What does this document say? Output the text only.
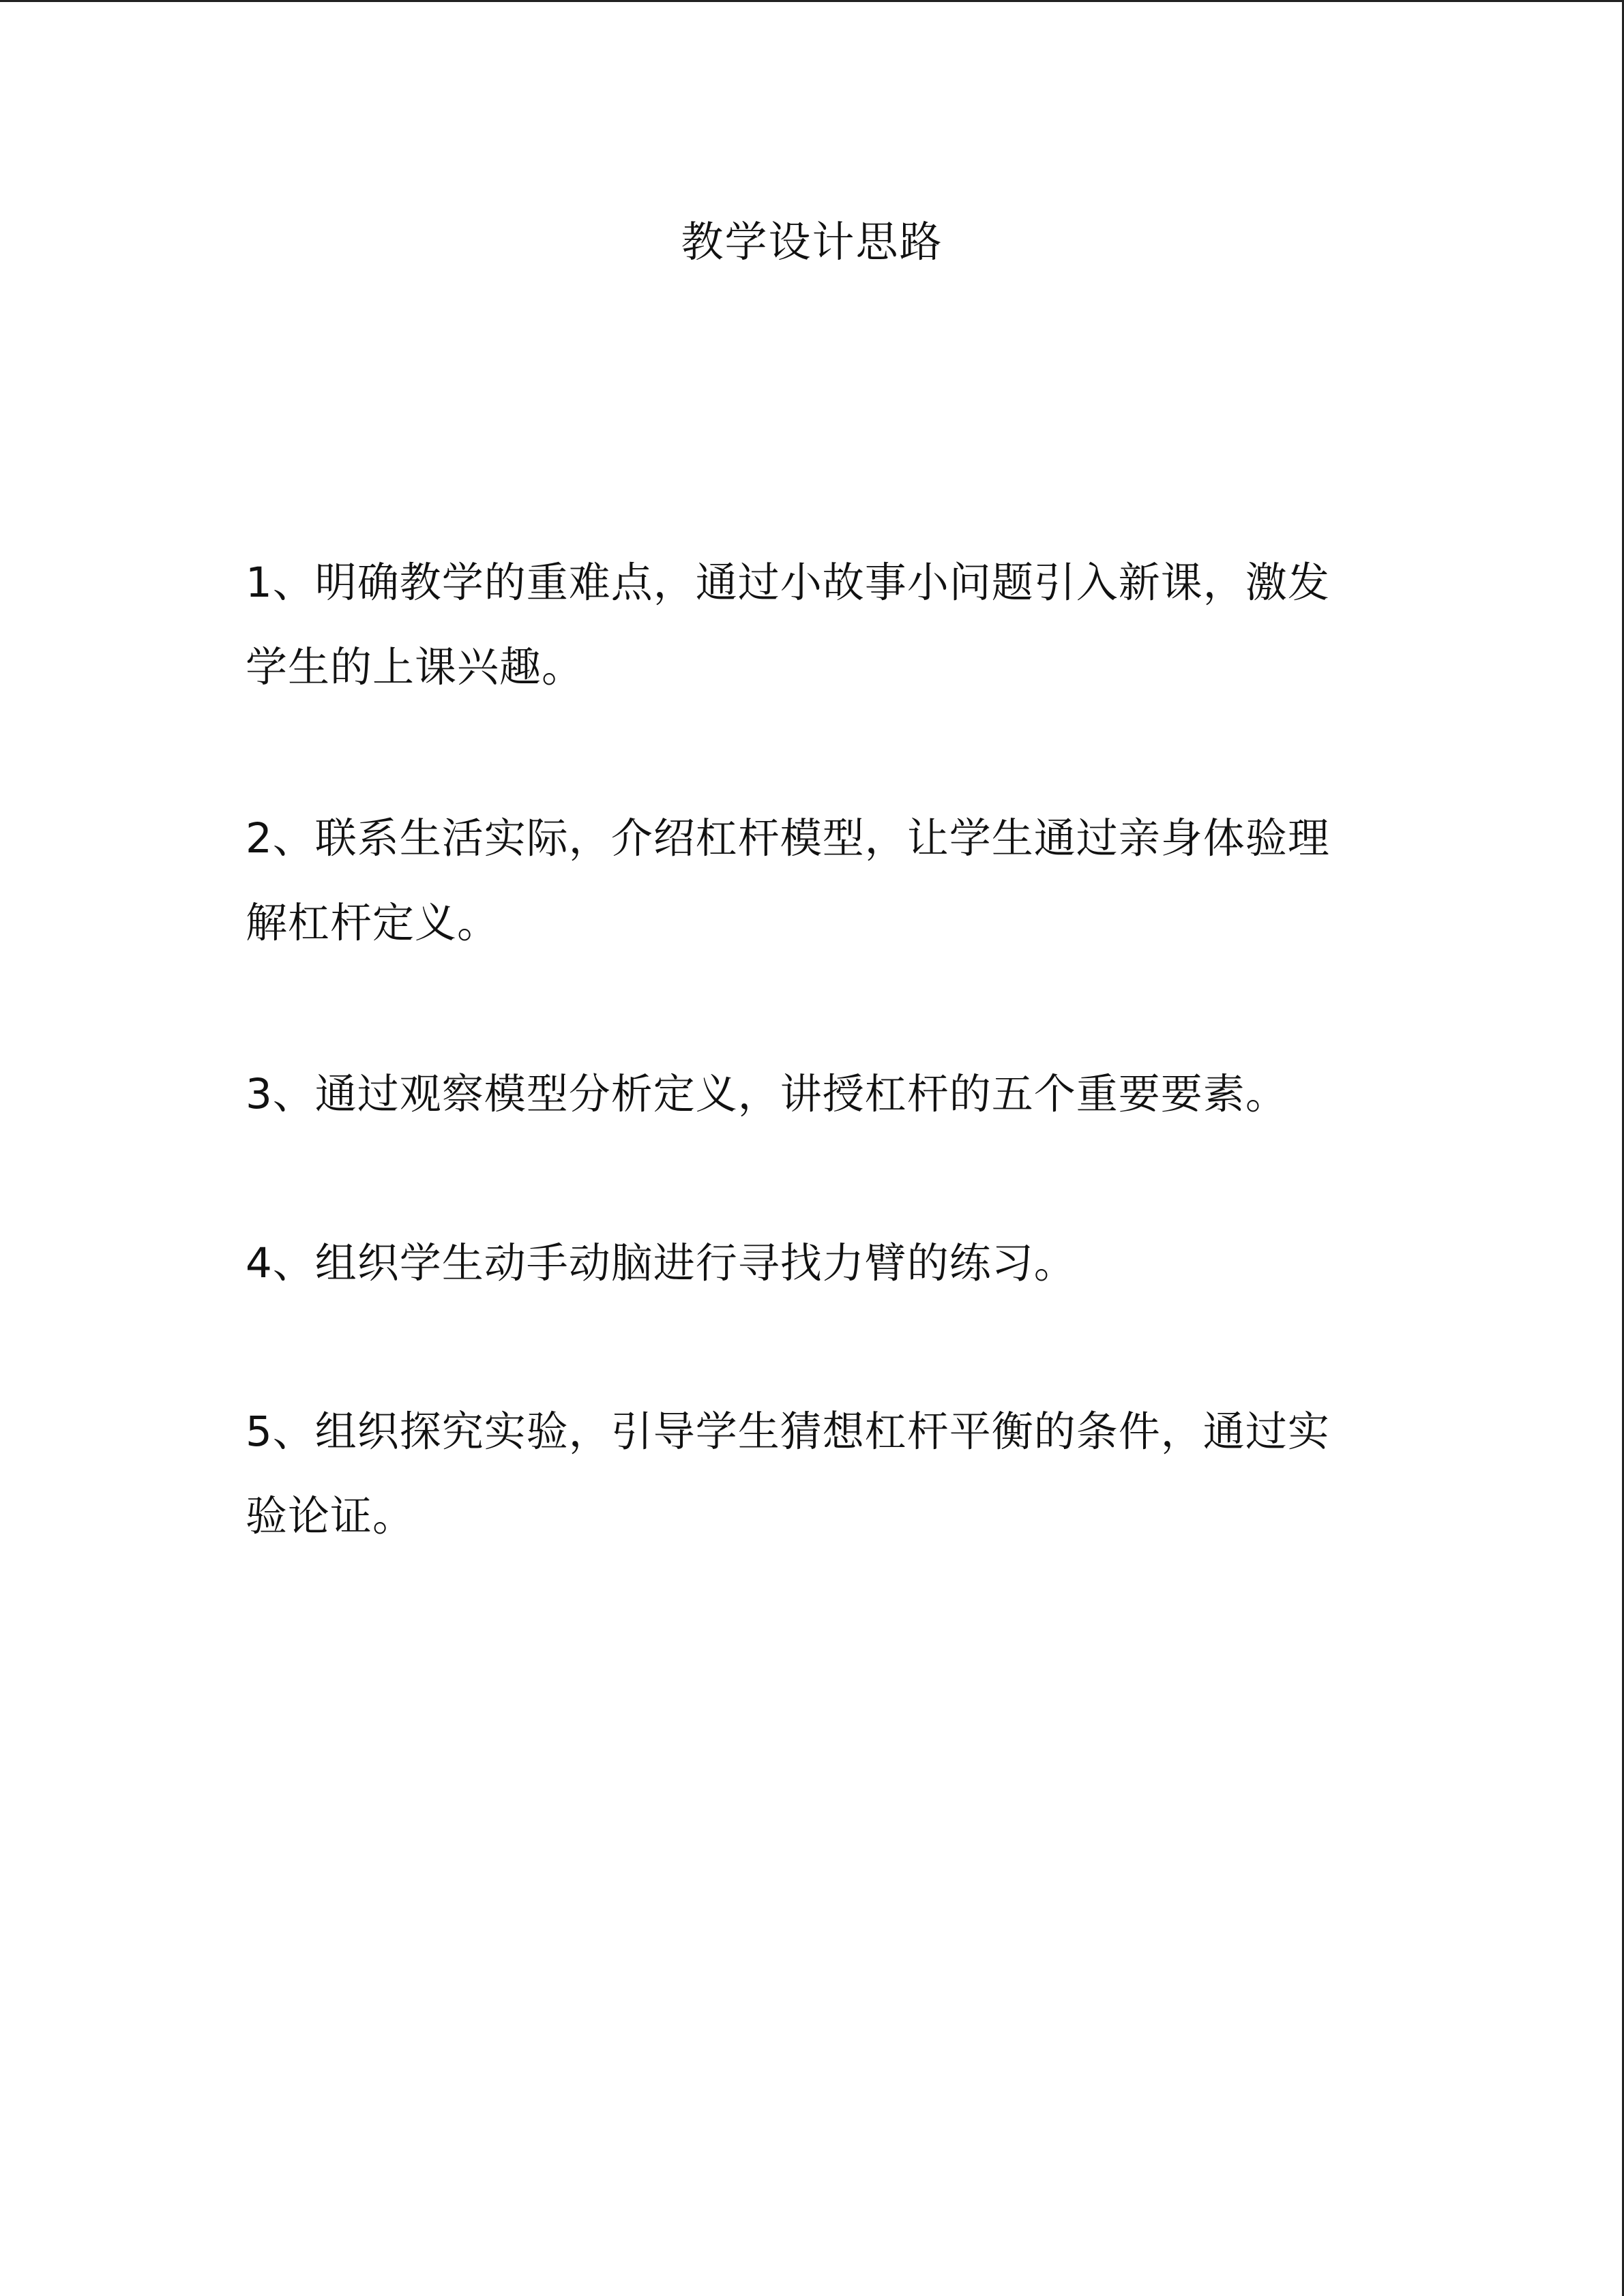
教学设计思路

1、明确教学的重难点，通过小故事小问题引入新课，激发学生的上课兴趣。

2、联系生活实际，介绍杠杆模型，让学生通过亲身体验理解杠杆定义。

3、通过观察模型分析定义，讲授杠杆的五个重要要素。

4、组织学生动手动脑进行寻找力臂的练习。

5、组织探究实验，引导学生猜想杠杆平衡的条件，通过实验论证。
